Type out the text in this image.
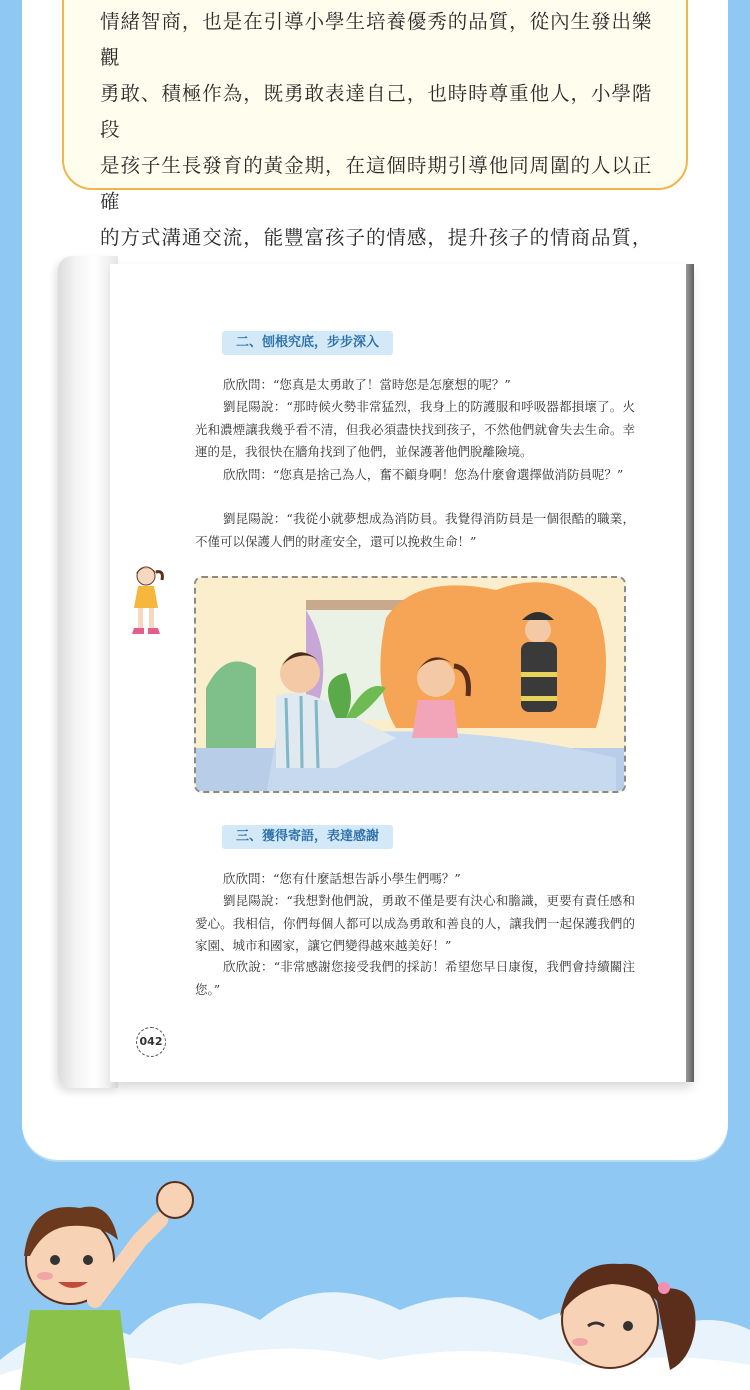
情緒智商，也是在引導小學生培養優秀的品質，從內生發出樂觀

勇敢、積極作為，既勇敢表達自己，也時時尊重他人，小學階段

是孩子生長發育的黃金期，在這個時期引導他同周圍的人以正確

的方式溝通交流，能豐富孩子的情感，提升孩子的情商品質，

二、刨根究底，步步深入

欣欣問：“您真是太勇敢了！當時您是怎麼想的呢？”

劉昆陽說：“那時候火勢非常猛烈，我身上的防護服和呼吸器都損壞了。火光和濃煙讓我幾乎看不清，但我必須盡快找到孩子，不然他們就會失去生命。幸運的是，我很快在牆角找到了他們，並保護著他們脫離險境。

欣欣問：“您真是捨己為人，奮不顧身啊！您為什麼會選擇做消防員呢？”

劉昆陽說：“我從小就夢想成為消防員。我覺得消防員是一個很酷的職業，不僅可以保護人們的財產安全，還可以挽救生命！”

三、獲得寄語，表達感謝

欣欣問：“您有什麼話想告訴小學生們嗎？”

劉昆陽說：“我想對他們說，勇敢不僅是要有決心和膽識，更要有責任感和愛心。我相信，你們每個人都可以成為勇敢和善良的人，讓我們一起保護我們的家園、城市和國家，讓它們變得越來越美好！”

欣欣說：“非常感謝您接受我們的採訪！希望您早日康復，我們會持續關注您。”

042
